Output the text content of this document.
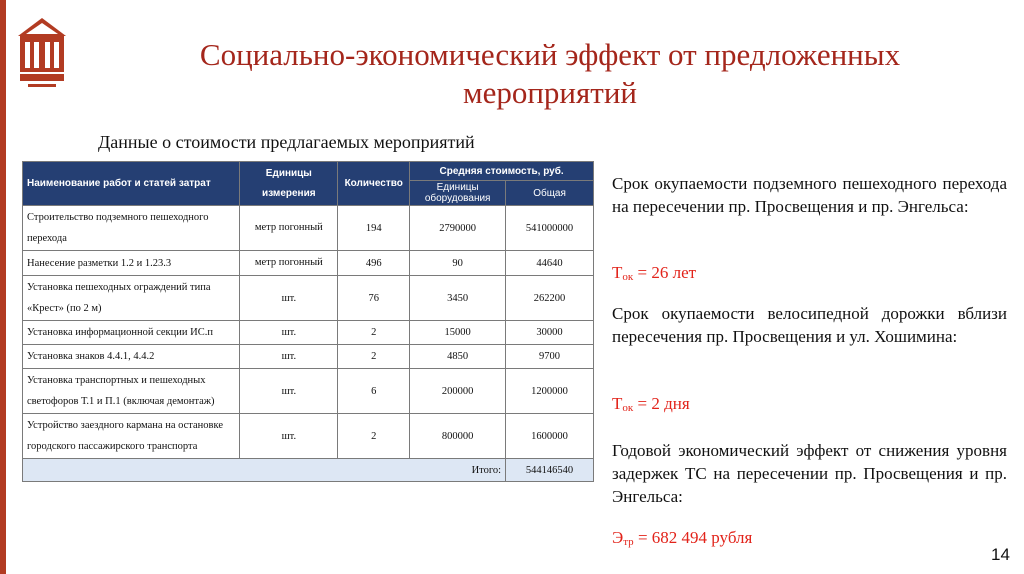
Социально-экономический эффект от предложенных мероприятий
Данные о стоимости предлагаемых мероприятий
Наименование работ и статей затрат	Единицы измерения	Количество	Средняя стоимость, руб.	
			Единицы оборудования	Общая
Строительство подземного пешеходного перехода	метр погонный	194	2790000	541000000
Нанесение разметки 1.2 и 1.23.3	метр погонный	496	90	44640
Установка пешеходных ограждений типа «Крест» (по 2 м)	шт.	76	3450	262200
Установка информационной секции ИС.п	шт.	2	15000	30000
Установка знаков 4.4.1, 4.4.2	шт.	2	4850	9700
Установка транспортных и пешеходных светофоров Т.1 и П.1 (включая демонтаж)	шт.	6	200000	1200000
Устройство заездного кармана на остановке городского пассажирского транспорта	шт.	2	800000	1600000
Итого:				544146540

Срок окупаемости подземного пешеходного перехода на пересечении пр. Просвещения и пр. Энгельса:

$Т_{ок} = 26$ лет

Срок окупаемости велосипедной дорожки вблизи пересечения пр. Просвещения и ул. Хошимина:

$Т_{ок} = 2$ дня

Годовой экономический эффект от снижения уровня задержек ТС на пересечении пр. Просвещения и пр. Энгельса:

$Э_{тр} = 682$ 494 рубля
14
